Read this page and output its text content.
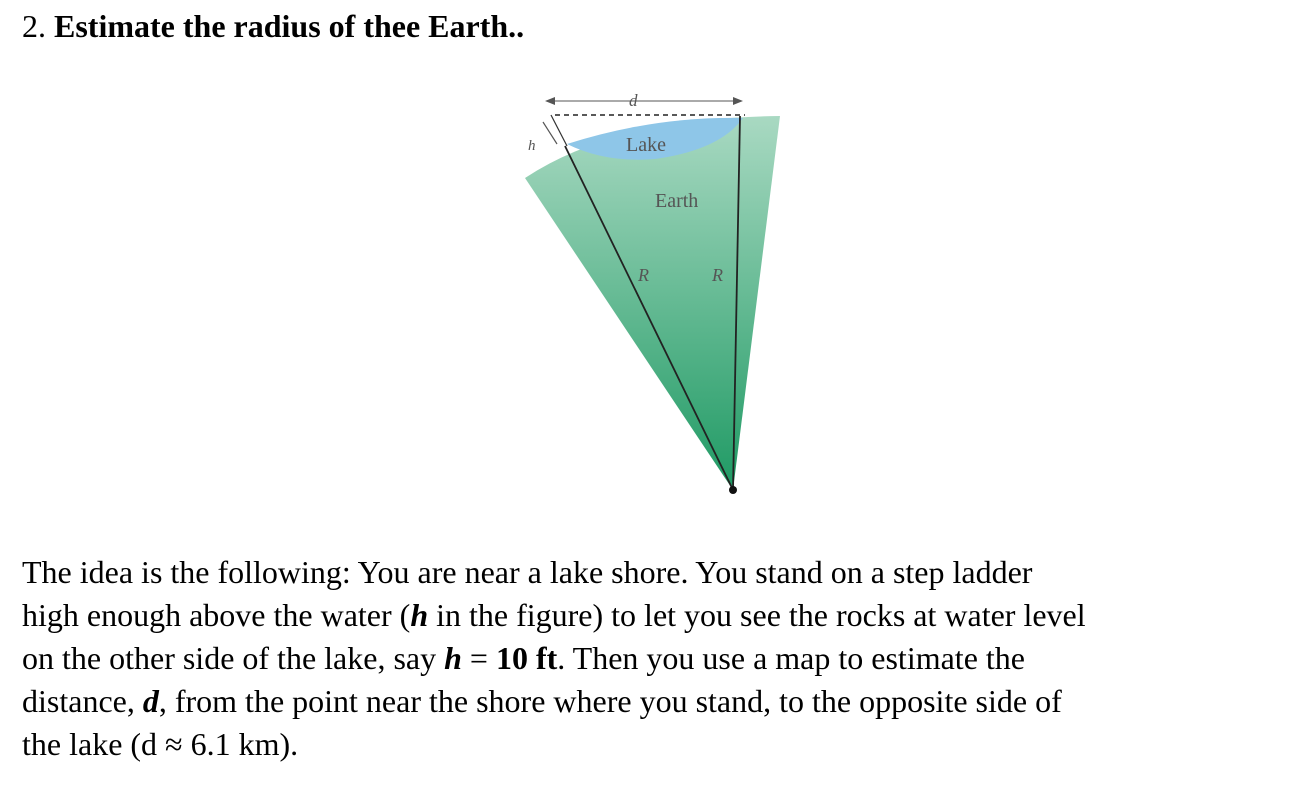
2. Estimate the radius of thee Earth..
d
h	Lake
Earth
R	R

The idea is the following: You are near a lake shore. You stand on a step ladder
high enough above the water (h in the figure) to let you see the rocks at water level
on the other side of the lake, say h = 10 ft. Then you use a map to estimate the
distance, d, from the point near the shore where you stand, to the opposite side of
the lake (d ≈ 6.1 km).
